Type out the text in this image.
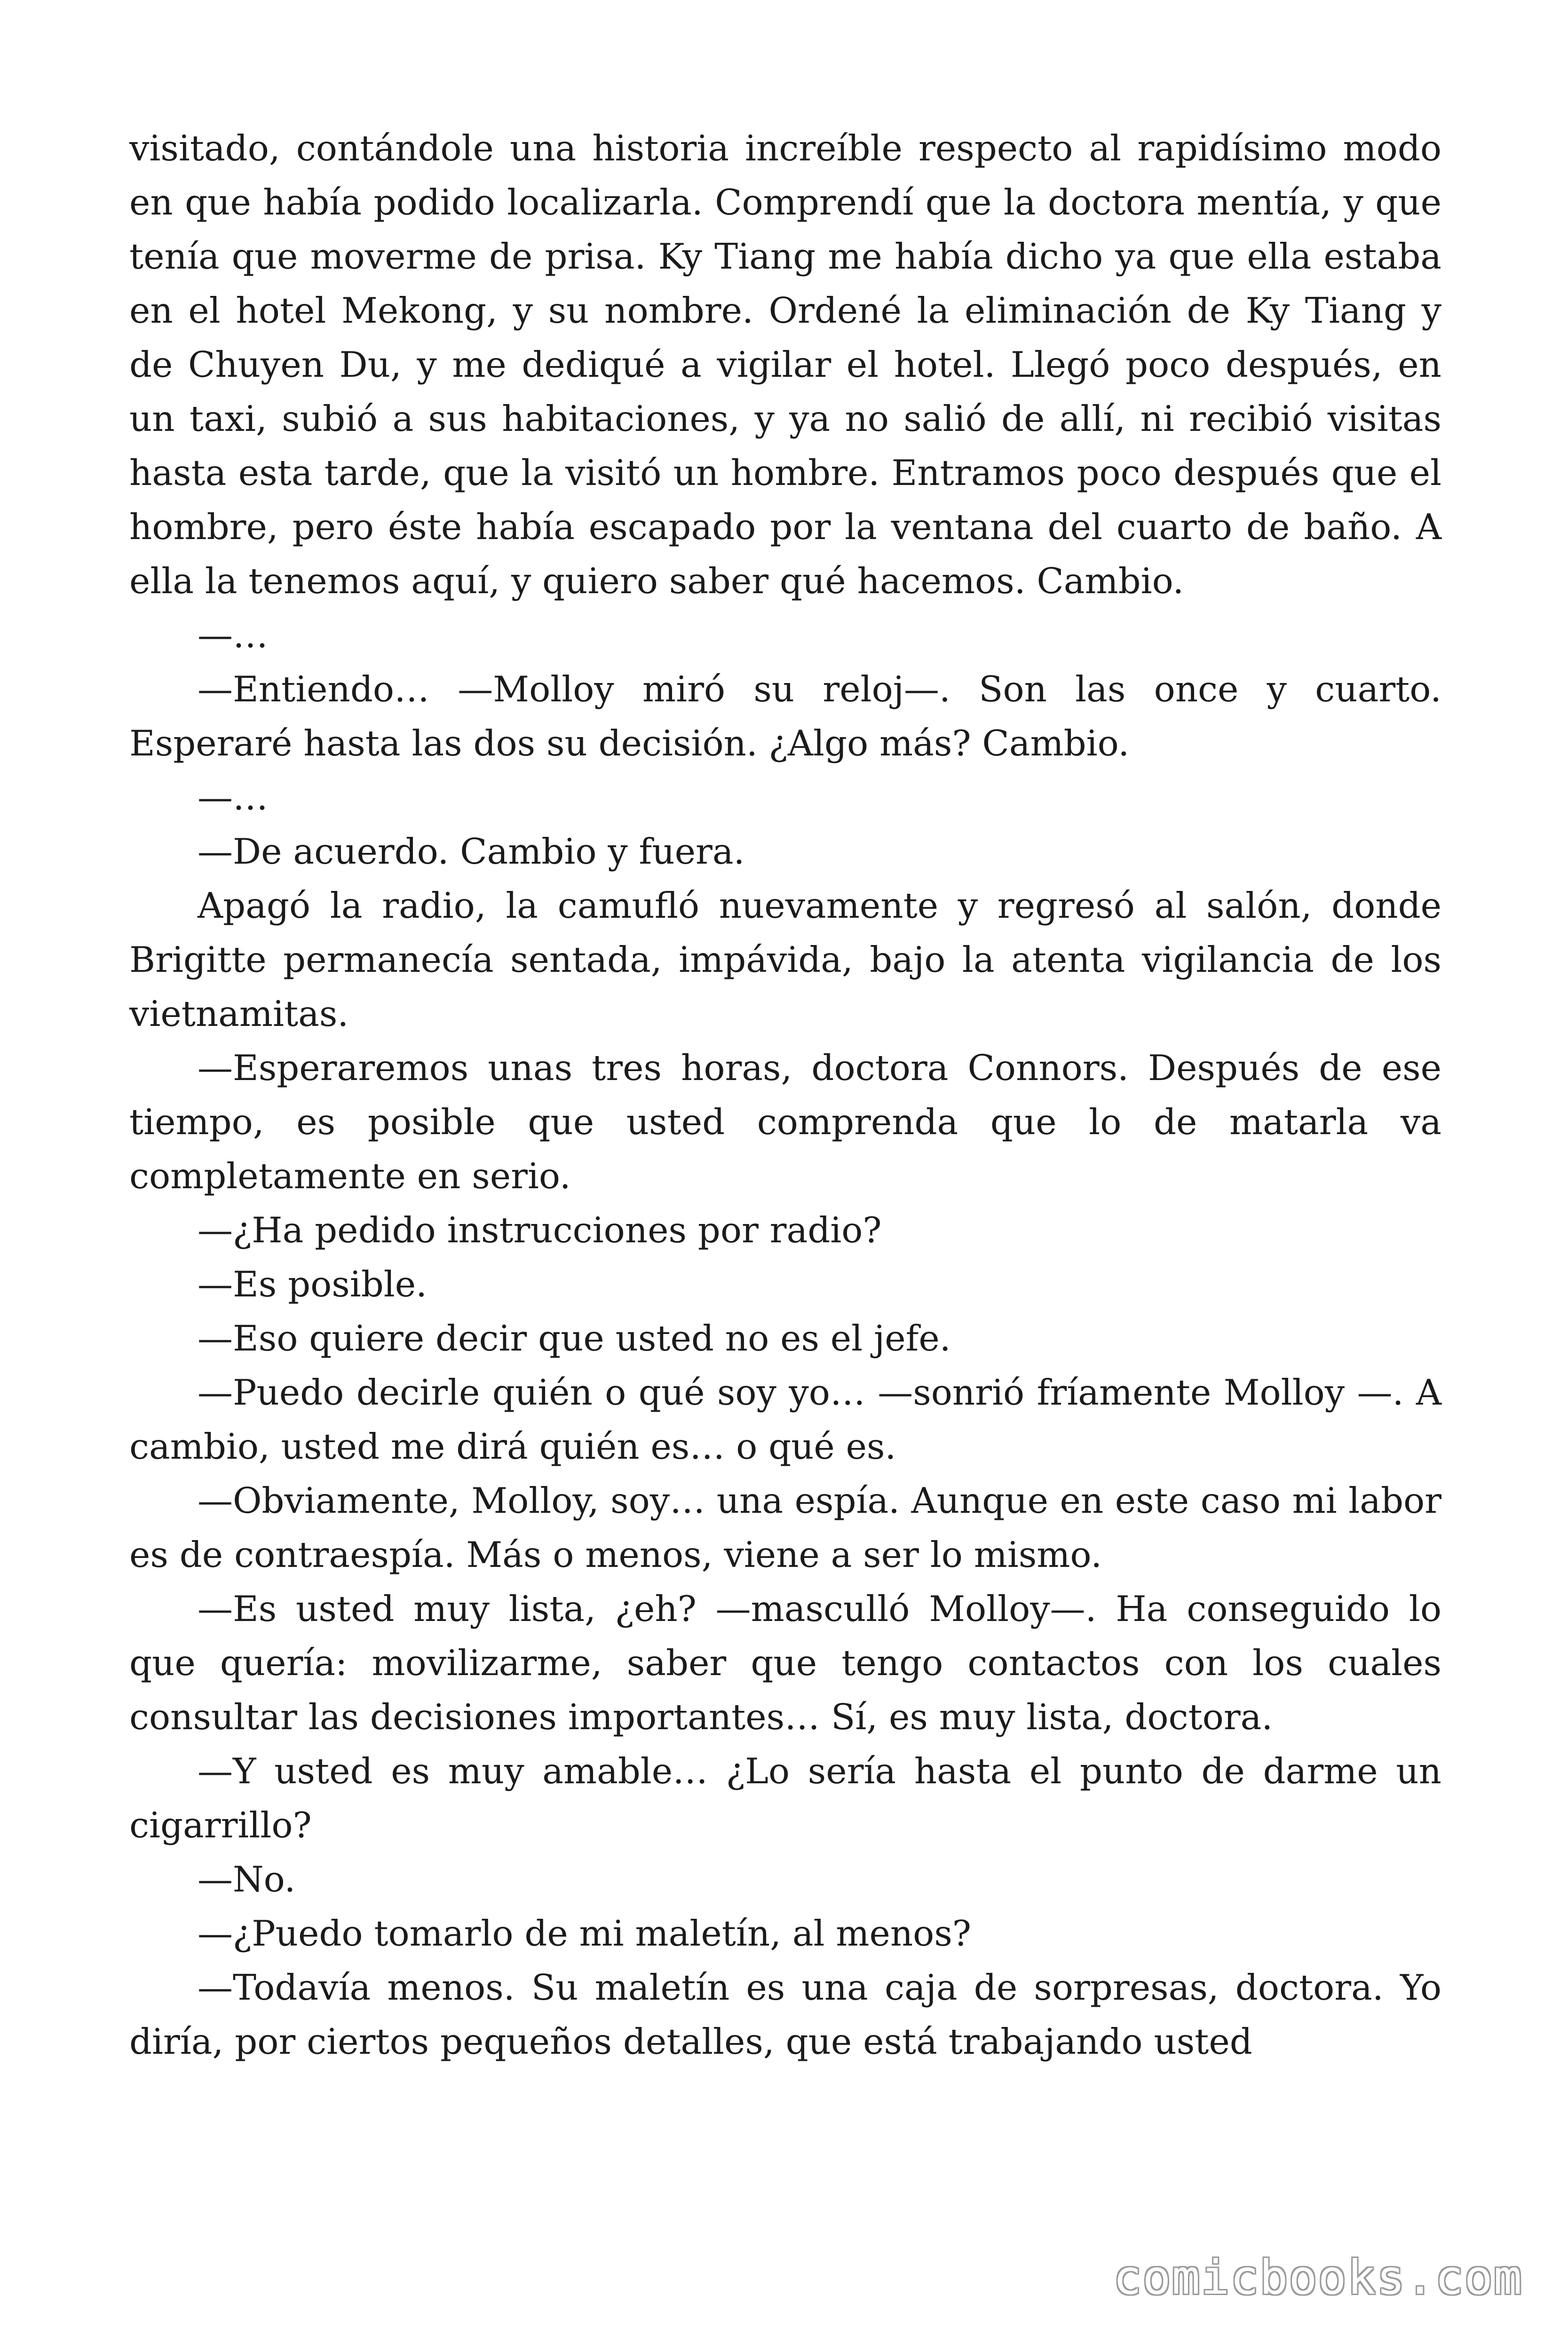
visitado, contándole una historia increíble respecto al rapidísimo modo en que había podido localizarla. Comprendí que la doctora mentía, y que tenía que moverme de prisa. Ky Tiang me había dicho ya que ella estaba en el hotel Mekong, y su nombre. Ordené la eliminación de Ky Tiang y de Chuyen Du, y me dediqué a vigilar el hotel. Llegó poco después, en un taxi, subió a sus habitaciones, y ya no salió de allí, ni recibió visitas hasta esta tarde, que la visitó un hombre. Entramos poco después que el hombre, pero éste había escapado por la ventana del cuarto de baño. A ella la tenemos aquí, y quiero saber qué hacemos. Cambio.

—…

—Entiendo… —Molloy miró su reloj—. Son las once y cuarto. Esperaré hasta las dos su decisión. ¿Algo más? Cambio.

—…

—De acuerdo. Cambio y fuera.

Apagó la radio, la camufló nuevamente y regresó al salón, donde Brigitte permanecía sentada, impávida, bajo la atenta vigilancia de los vietnamitas.

—Esperaremos unas tres horas, doctora Connors. Después de ese tiempo, es posible que usted comprenda que lo de matarla va completamente en serio.

—¿Ha pedido instrucciones por radio?

—Es posible.

—Eso quiere decir que usted no es el jefe.

—Puedo decirle quién o qué soy yo… —sonrió fríamente Molloy —. A cambio, usted me dirá quién es… o qué es.

—Obviamente, Molloy, soy… una espía. Aunque en este caso mi labor es de contraespía. Más o menos, viene a ser lo mismo.

—Es usted muy lista, ¿eh? —masculló Molloy—. Ha conseguido lo que quería: movilizarme, saber que tengo contactos con los cuales consultar las decisiones importantes… Sí, es muy lista, doctora.

—Y usted es muy amable… ¿Lo sería hasta el punto de darme un cigarrillo?

—No.

—¿Puedo tomarlo de mi maletín, al menos?

—Todavía menos. Su maletín es una caja de sorpresas, doctora. Yo diría, por ciertos pequeños detalles, que está trabajando usted

comicbooks.com
